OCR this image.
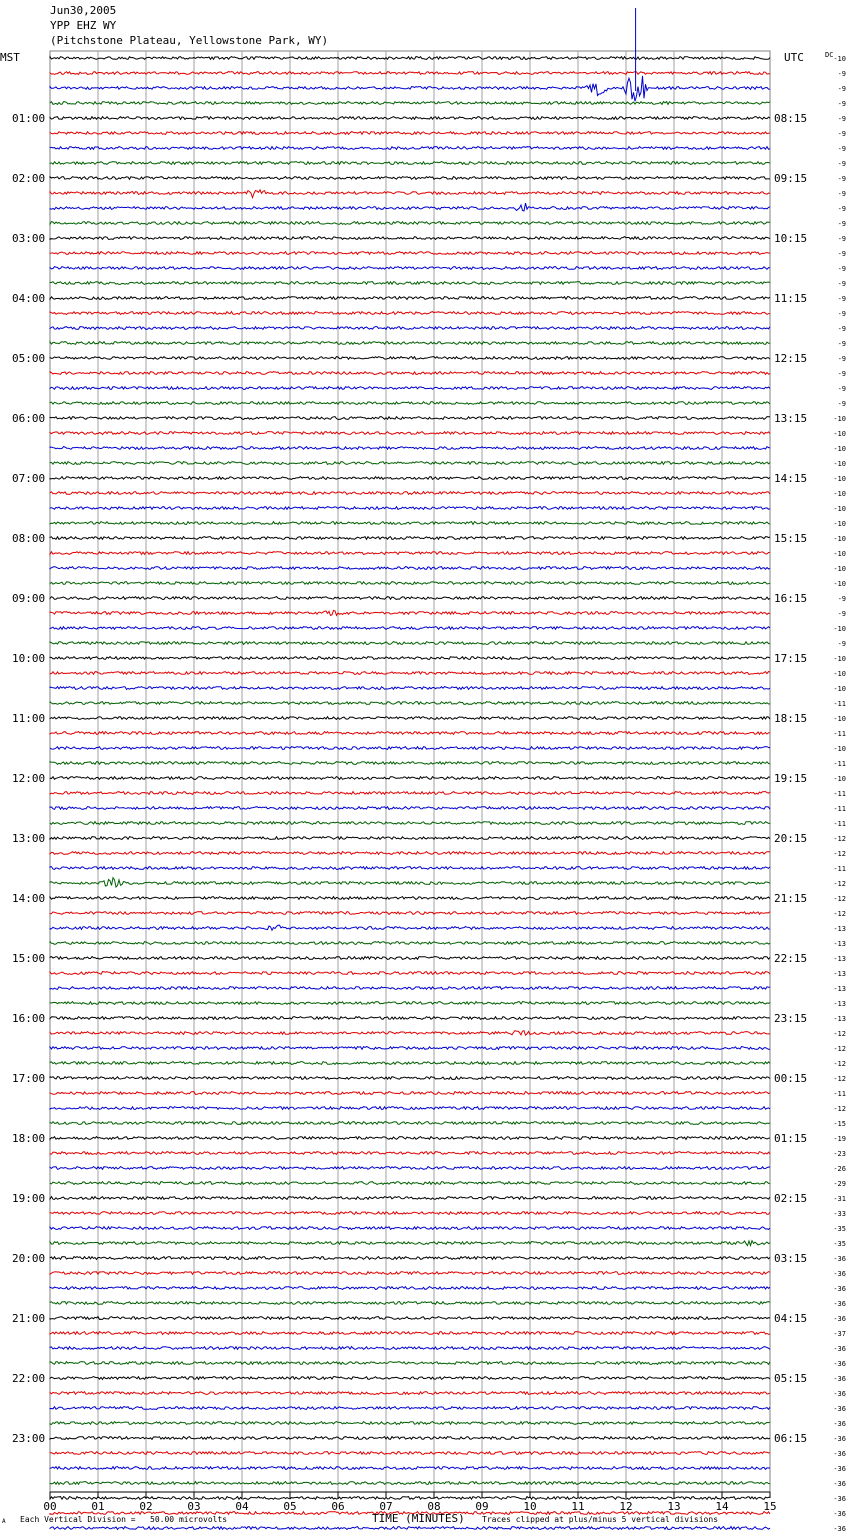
Jun30,2005
YPP EHZ WY
(Pitchstone Plateau, Yellowstone Park, WY)
-10
-9
-9
-9
-9
-9
-9
-9
-9
-9
-9
-9
-9
-9
-9
-9
-9
-9
-9
-9
-9
-9
-9
-9
-10
-10
-10
-10
-10
-10
-10
-10
-10
-10
-10
-10
-9
-9
-10
-9
-10
-10
-10
-11
-10
-11
-10
-11
-10
-11
-11
-11
-12
-12
-11
-12
-12
-12
-13
-13
-13
-13
-13
-13
-13
-12
-12
-12
-12
-11
-12
-15
-19
-23
-26
-29
-31
-33
-35
-35
-36
-36
-36
-36
-36
-37
-36
-36
-36
-36
-36
-36
-36
-36
-36
-36
-36
-36
-36
DC
MST	UTC
01:00
02:00
03:00
04:00
05:00
06:00
07:00
08:00
09:00
10:00
11:00
12:00
13:00
14:00
15:00
16:00
17:00
18:00
19:00
20:00
21:00
22:00
23:00
08:15
09:15
10:15
11:15
12:15
13:15
14:15
15:15
16:15
17:15
18:15
19:15
20:15
21:15
22:15
23:15
00:15
01:15
02:15
03:15
04:15
05:15
06:15
00	01	02	03	04	05	06	07	08	09	10	11	12	13	14	15
Each Vertical Division =   50.00 microvolts	TIME (MINUTES) Traces clipped at plus/minus 5 vertical divisions
A
